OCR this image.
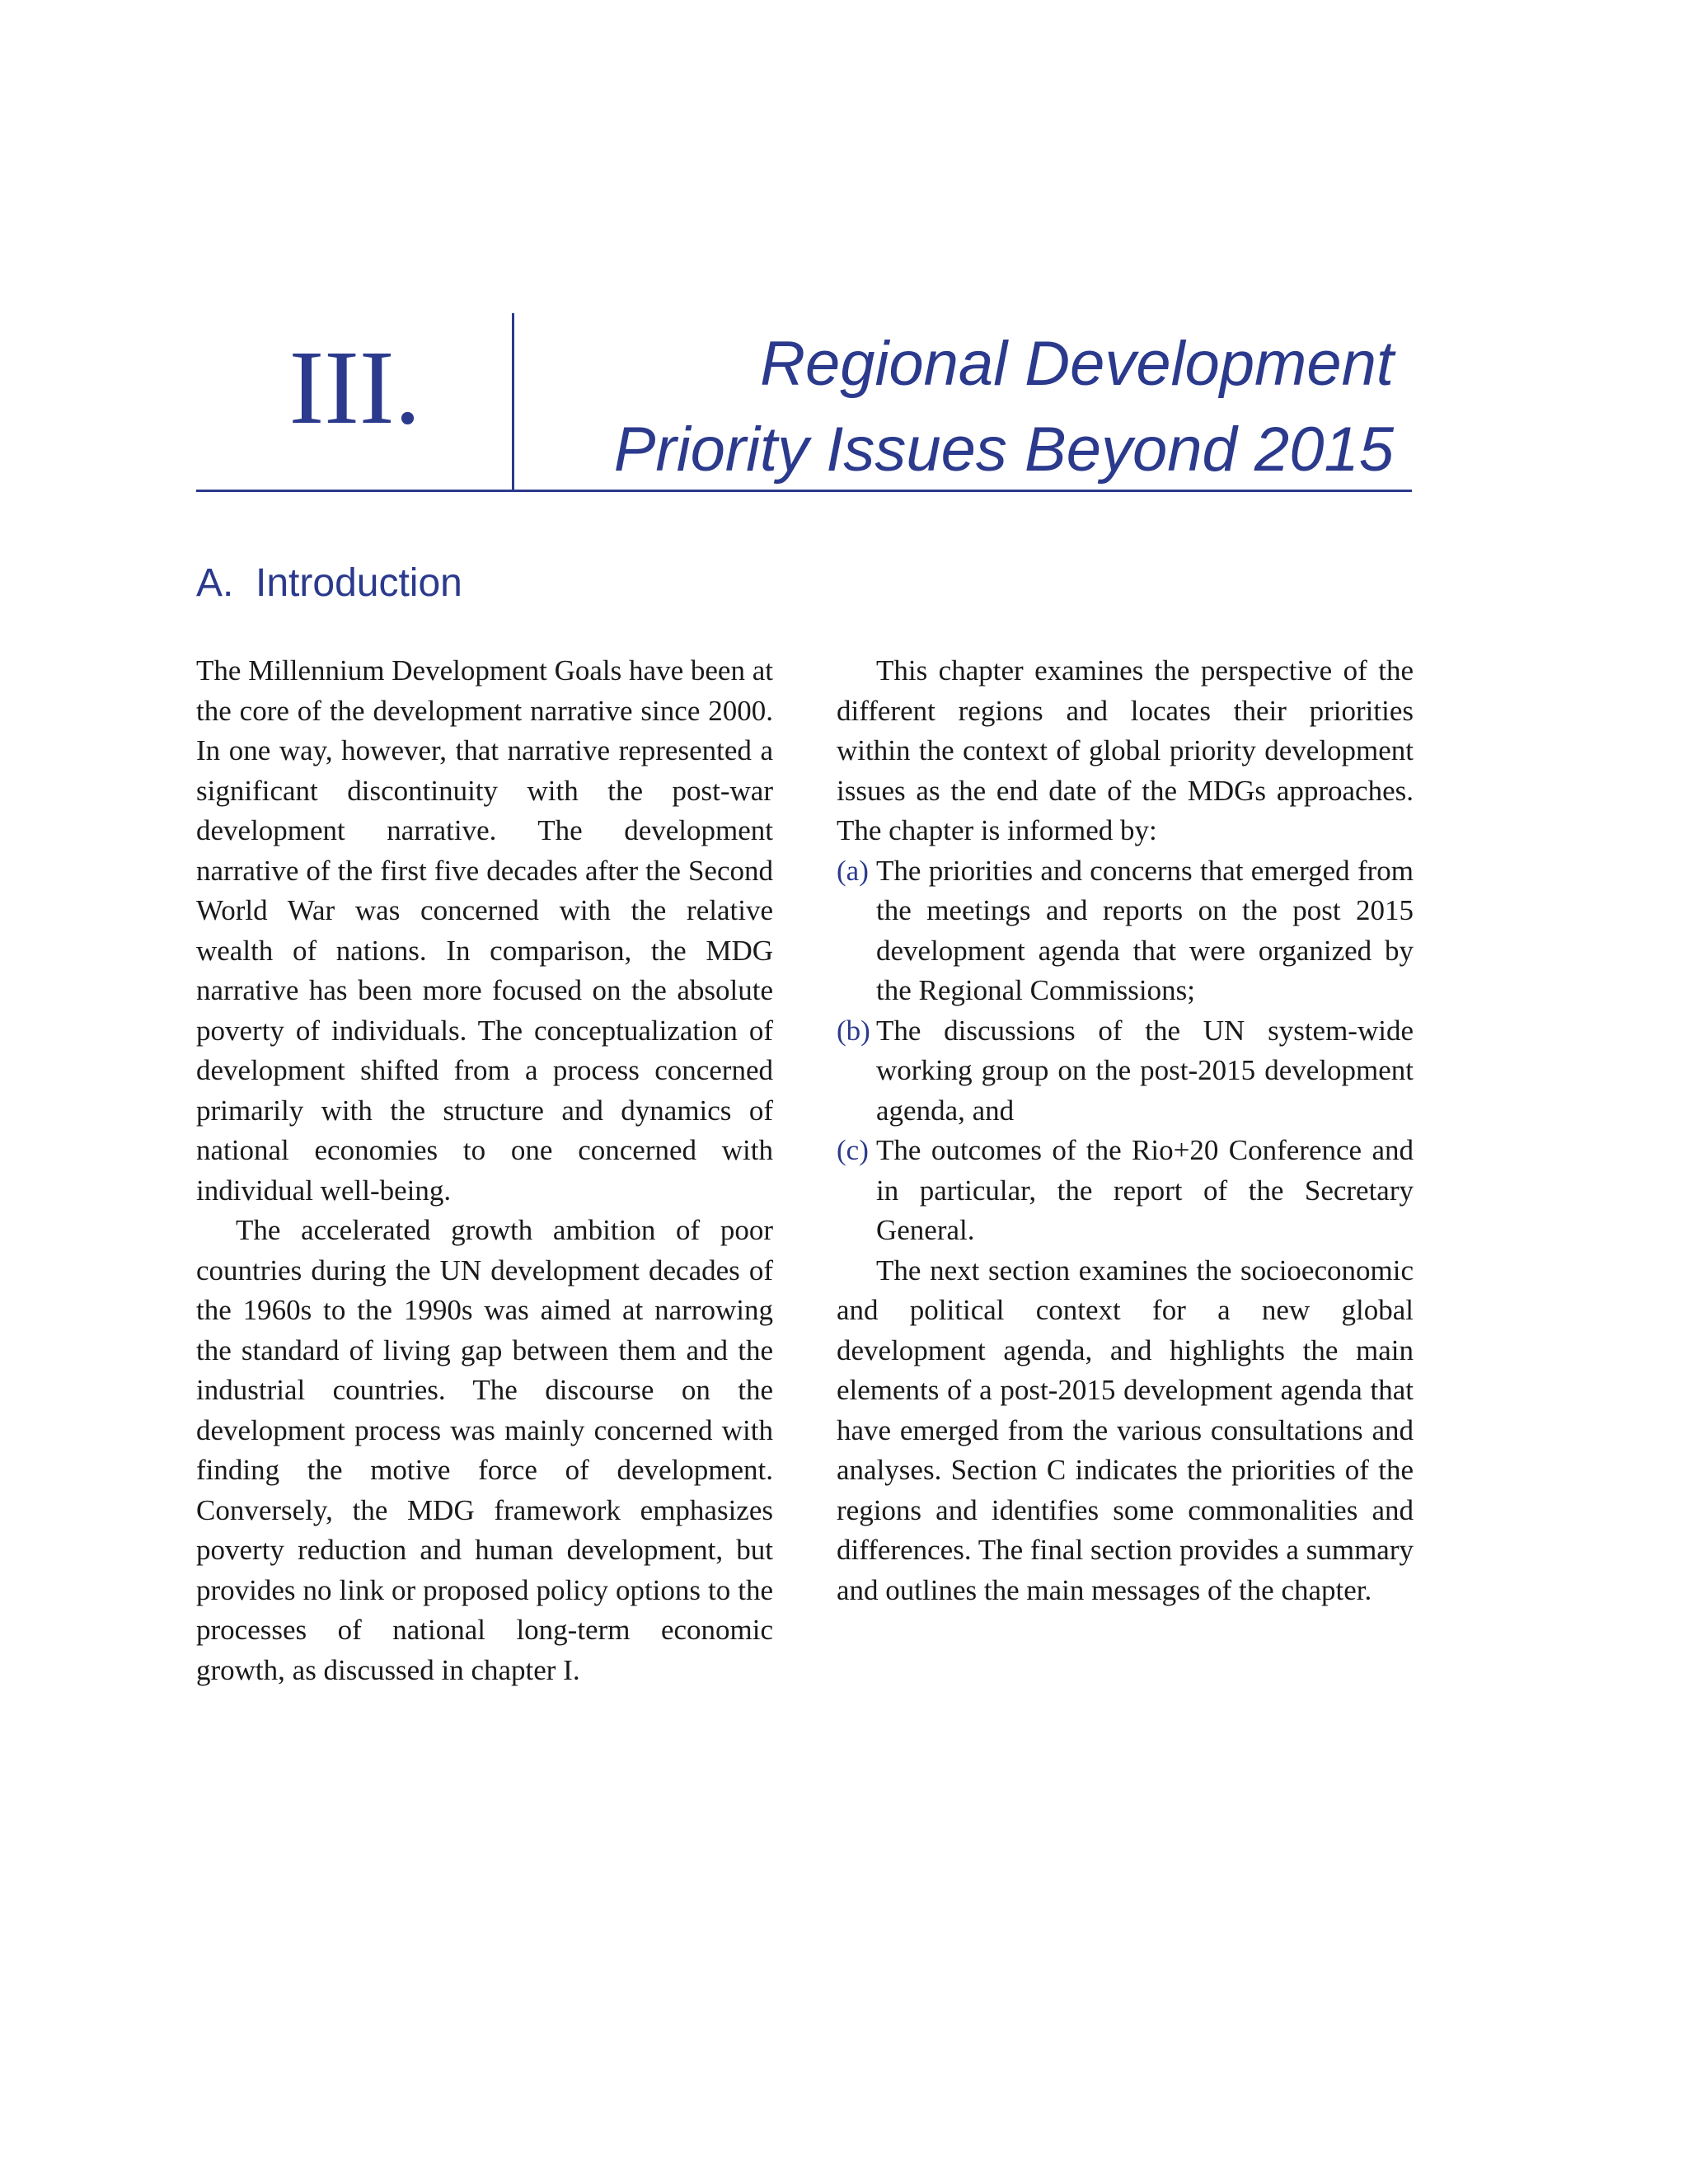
III.	Regional Development
Priority Issues Beyond 2015
A.  Introduction

The Millennium Development Goals have been at the core of the development narrative since 2000. In one way, however, that narrative represented a significant discontinuity with the post-war development narrative. The development narrative of the first five decades after the Second World War was concerned with the relative wealth of nations. In comparison, the MDG narrative has been more focused on the absolute poverty of individuals. The conceptualization of development shifted from a process concerned primarily with the structure and dynamics of national economies to one concerned with individual well-being.

The accelerated growth ambition of poor countries during the UN development decades of the 1960s to the 1990s was aimed at narrowing the standard of living gap between them and the industrial countries. The discourse on the development process was mainly concerned with finding the motive force of development. Conversely, the MDG framework emphasizes poverty reduction and human development, but provides no link or proposed policy options to the processes of national long-term economic growth, as discussed in chapter I.

This chapter examines the perspective of the different regions and locates their priorities within the context of global priority development issues as the end date of the MDGs approaches. The chapter is informed by:

(a) The priorities and concerns that emerged from the meetings and reports on the post 2015 development agenda that were organized by the Regional Commissions;
(b) The discussions of the UN system-wide working group on the post-2015 development agenda, and
(c) The outcomes of the Rio+20 Conference and in particular, the report of the Secretary General.

The next section examines the socioeconomic and political context for a new global development agenda, and highlights the main elements of a post-2015 development agenda that have emerged from the various consultations and analyses. Section C indicates the priorities of the regions and identifies some commonalities and differences. The final section provides a summary and outlines the main messages of the chapter.
